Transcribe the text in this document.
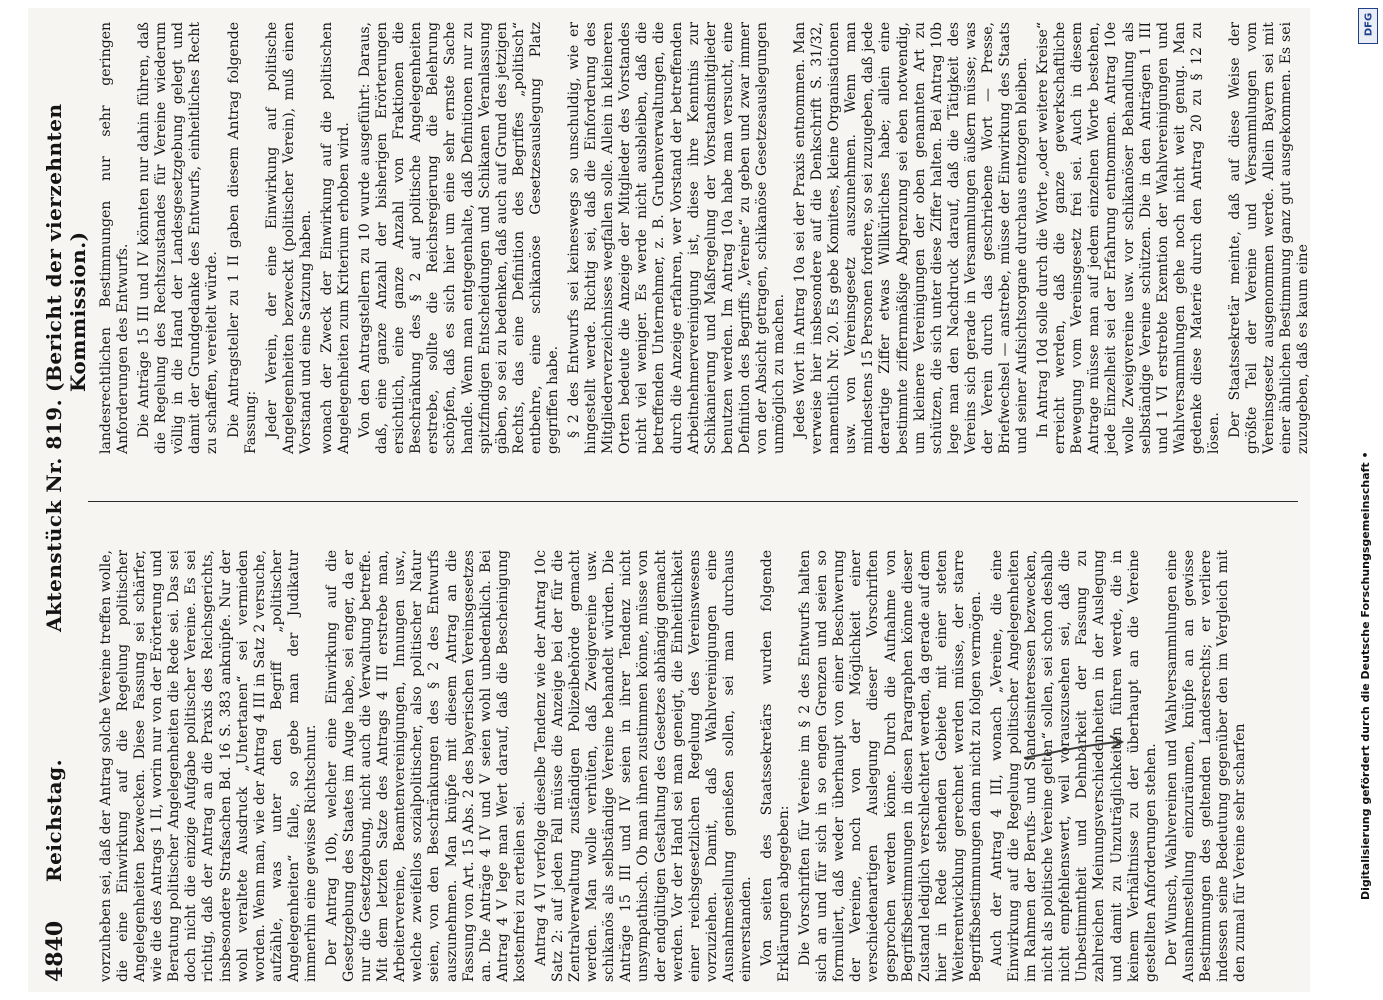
4840
Reichstag.
Aktenstück Nr. 819.
(Bericht der vierzehnten Kommission.)

vorzuheben sei, daß der Antrag solche Vereine treffen wolle, die eine Einwirkung auf die Regelung politischer Angelegenheiten bezwecken. Diese Fassung sei schärfer, wie die des Antrags 1 II, worin nur von der Erörterung und Beratung politischer Angelegenheiten die Rede sei. Das sei doch nicht die einzige Aufgabe politischer Vereine. Es sei richtig, daß der Antrag an die Praxis des Reichsgerichts, insbesondere Strafsachen Bd. 16 S. 383 anknüpfe. Nur der wohl veraltete Ausdruck „Untertanen“ sei vermieden worden. Wenn man, wie der Antrag 4 III in Satz 2 versuche, aufzähle, was unter den Begriff „politischer Angelegenheiten“ falle, so gebe man der Judikatur immerhin eine gewisse Richtschnur. Der Antrag 10b, welcher eine Einwirkung auf die Gesetzgebung des Staates im Auge habe, sei enger, da er nur die Gesetzgebung, nicht auch die Verwaltung betreffe. Mit dem letzten Satze des Antrags 4 III erstrebe man, Arbeitervereine, Beamtenvereinigungen, Innungen usw., welche zweifellos sozialpolitischer, also politischer Natur seien, von den Beschränkungen des § 2 des Entwurfs auszunehmen. Man knüpfe mit diesem Antrag an die Fassung von Art. 15 Abs. 2 des bayerischen Vereinsgesetzes an. Die Anträge 4 IV und V seien wohl unbedenklich. Bei Antrag 4 V lege man Wert darauf, daß die Bescheinigung kostenfrei zu erteilen sei. Antrag 4 VI verfolge dieselbe Tendenz wie der Antrag 10c Satz 2: auf jeden Fall müsse die Anzeige bei der für die Zentralverwaltung zuständigen Polizeibehörde gemacht werden. Man wolle verhüten, daß Zweigvereine usw. schikanös als selbständige Vereine behandelt würden. Die Anträge 15 III und IV seien in ihrer Tendenz nicht unsympathisch. Ob man ihnen zustimmen könne, müsse von der endgültigen Gestaltung des Gesetzes abhängig gemacht werden. Vor der Hand sei man geneigt, die Einheitlichkeit einer reichsgesetzlichen Regelung des Vereinswesens vorzuziehen. Damit, daß Wahlvereinigungen eine Ausnahmestellung genießen sollen, sei man durchaus einverstanden. Von seiten des Staatssekretärs wurden folgende Erklärungen abgegeben: Die Vorschriften für Vereine im § 2 des Entwurfs halten sich an und für sich in so engen Grenzen und seien so formuliert, daß weder überhaupt von einer Beschwerung der Vereine, noch von der Möglichkeit einer verschiedenartigen Auslegung dieser Vorschriften gesprochen werden könne. Durch die Aufnahme von Begriffsbestimmungen in diesen Paragraphen könne dieser Zustand lediglich verschlechtert werden, da gerade auf dem hier in Rede stehenden Gebiete mit einer steten Weiterentwicklung gerechnet werden müsse, der starre Begriffsbestimmungen dann nicht zu folgen vermögen. Auch der Antrag 4 III, wonach „Vereine, die eine Einwirkung auf die Regelung politischer Angelegenheiten im Rahmen der Berufs- und Standesinteressen bezwecken, nicht als politische Vereine gelten“ sollen, sei schon deshalb nicht empfehlenswert, weil vorauszusehen sei, daß die Unbestimmtheit und Dehnbarkeit der Fassung zu zahlreichen Meinungsverschiedenheiten in der Auslegung und damit zu Unzuträglichkeiten führen werde, die in keinem Verhältnisse zu der überhaupt an die Vereine gestellten Anforderungen stehen. Der Wunsch, Wahlvereinen und Wahlversammlungen eine Ausnahmestellung einzuräumen, knüpfe an an gewisse Bestimmungen des geltenden Landesrechts; er verliere indessen seine Bedeutung gegenüber den im Vergleich mit den zumal für Vereine sehr scharfen

landesrechtlichen Bestimmungen nur sehr geringen Anforderungen des Entwurfs. Die Anträge 15 III und IV könnten nur dahin führen, daß die Regelung des Rechtszustandes für Vereine wiederum völlig in die Hand der Landesgesetzgebung gelegt und damit der Grundgedanke des Entwurfs, einheitliches Recht zu schaffen, vereitelt würde. Die Antragsteller zu 1 II gaben diesem Antrag folgende Fassung: Jeder Verein, der eine Einwirkung auf politische Angelegenheiten bezweckt (politischer Verein), muß einen Vorstand und eine Satzung haben. wonach der Zweck der Einwirkung auf die politischen Angelegenheiten zum Kriterium erhoben wird. Von den Antragstellern zu 10 wurde ausgeführt: Daraus, daß, eine ganze Anzahl der bisherigen Erörterungen ersichtlich, eine ganze Anzahl von Fraktionen die Beschränkung des § 2 auf politische Angelegenheiten erstrebe, sollte die Reichsregierung die Belehrung schöpfen, daß es sich hier um eine sehr ernste Sache handle. Wenn man entgegenhalte, daß Definitionen nur zu spitzfindigen Entscheidungen und Schikanen Veranlassung gäben, so sei zu bedenken, daß auch auf Grund des jetzigen Rechts, das eine Definition des Begriffes „politisch“ entbehre, eine schikanöse Gesetzesauslegung Platz gegriffen habe. § 2 des Entwurfs sei keineswegs so unschuldig, wie er hingestellt werde. Richtig sei, daß die Einforderung des Mitgliederverzeichnisses wegfallen solle. Allein in kleineren Orten bedeute die Anzeige der Mitglieder des Vorstandes nicht viel weniger. Es werde nicht ausbleiben, daß die betreffenden Unternehmer, z. B. Grubenverwaltungen, die durch die Anzeige erfahren, wer Vorstand der betreffenden Arbeitnehmervereinigung ist, diese ihre Kenntnis zur Schikanierung und Maßregelung der Vorstandsmitglieder benutzen werden. Im Antrag 10a habe man versucht, eine Definition des Begriffs „Vereine“ zu geben und zwar immer von der Absicht getragen, schikanöse Gesetzesauslegungen unmöglich zu machen. Jedes Wort in Antrag 10a sei der Praxis entnommen. Man verweise hier insbesondere auf die Denkschrift S. 31/32, namentlich Nr. 20. Es gebe Komitees, kleine Organisationen usw. von Vereinsgesetz auszunehmen. Wenn man mindestens 15 Personen fordere, so sei zuzugeben, daß jede derartige Ziffer etwas Willkürliches habe; allein eine bestimmte ziffernmäßige Abgrenzung sei eben notwendig, um kleinere Vereinigungen der oben genannten Art zu schützen, die sich unter diese Ziffer halten. Bei Antrag 10b lege man den Nachdruck darauf, daß die Tätigkeit des Vereins sich gerade in Versammlungen äußern müsse; was der Verein durch das geschriebene Wort — Presse, Briefwechsel — anstrebe, müsse der Einwirkung des Staats und seiner Aufsichtsorgane durchaus entzogen bleiben. In Antrag 10d solle durch die Worte „oder weitere Kreise“ erreicht werden, daß die ganze gewerkschaftliche Bewegung vom Vereinsgesetz frei sei. Auch in diesem Antrage müsse man auf jedem einzelnen Worte bestehen, jede Einzelheit sei der Erfahrung entnommen. Antrag 10e wolle Zweigvereine usw. vor schikanöser Behandlung als selbständige Vereine schützen. Die in den Anträgen 1 III und 1 VI erstrebte Exemtion der Wahlvereinigungen und Wahlversammlungen gehe noch nicht weit genug. Man gedenke diese Materie durch den Antrag 20 zu § 12 zu lösen. Der Staatssekretär meinte, daß auf diese Weise der größte Teil der Vereine und Versammlungen vom Vereinsgesetz ausgenommen werde. Allein Bayern sei mit einer ähnlichen Bestimmung ganz gut ausgekommen. Es sei zuzugeben, daß es kaum eine

DFG
Digitalisierung gefördert durch die Deutsche Forschungsgemeinschaft •
